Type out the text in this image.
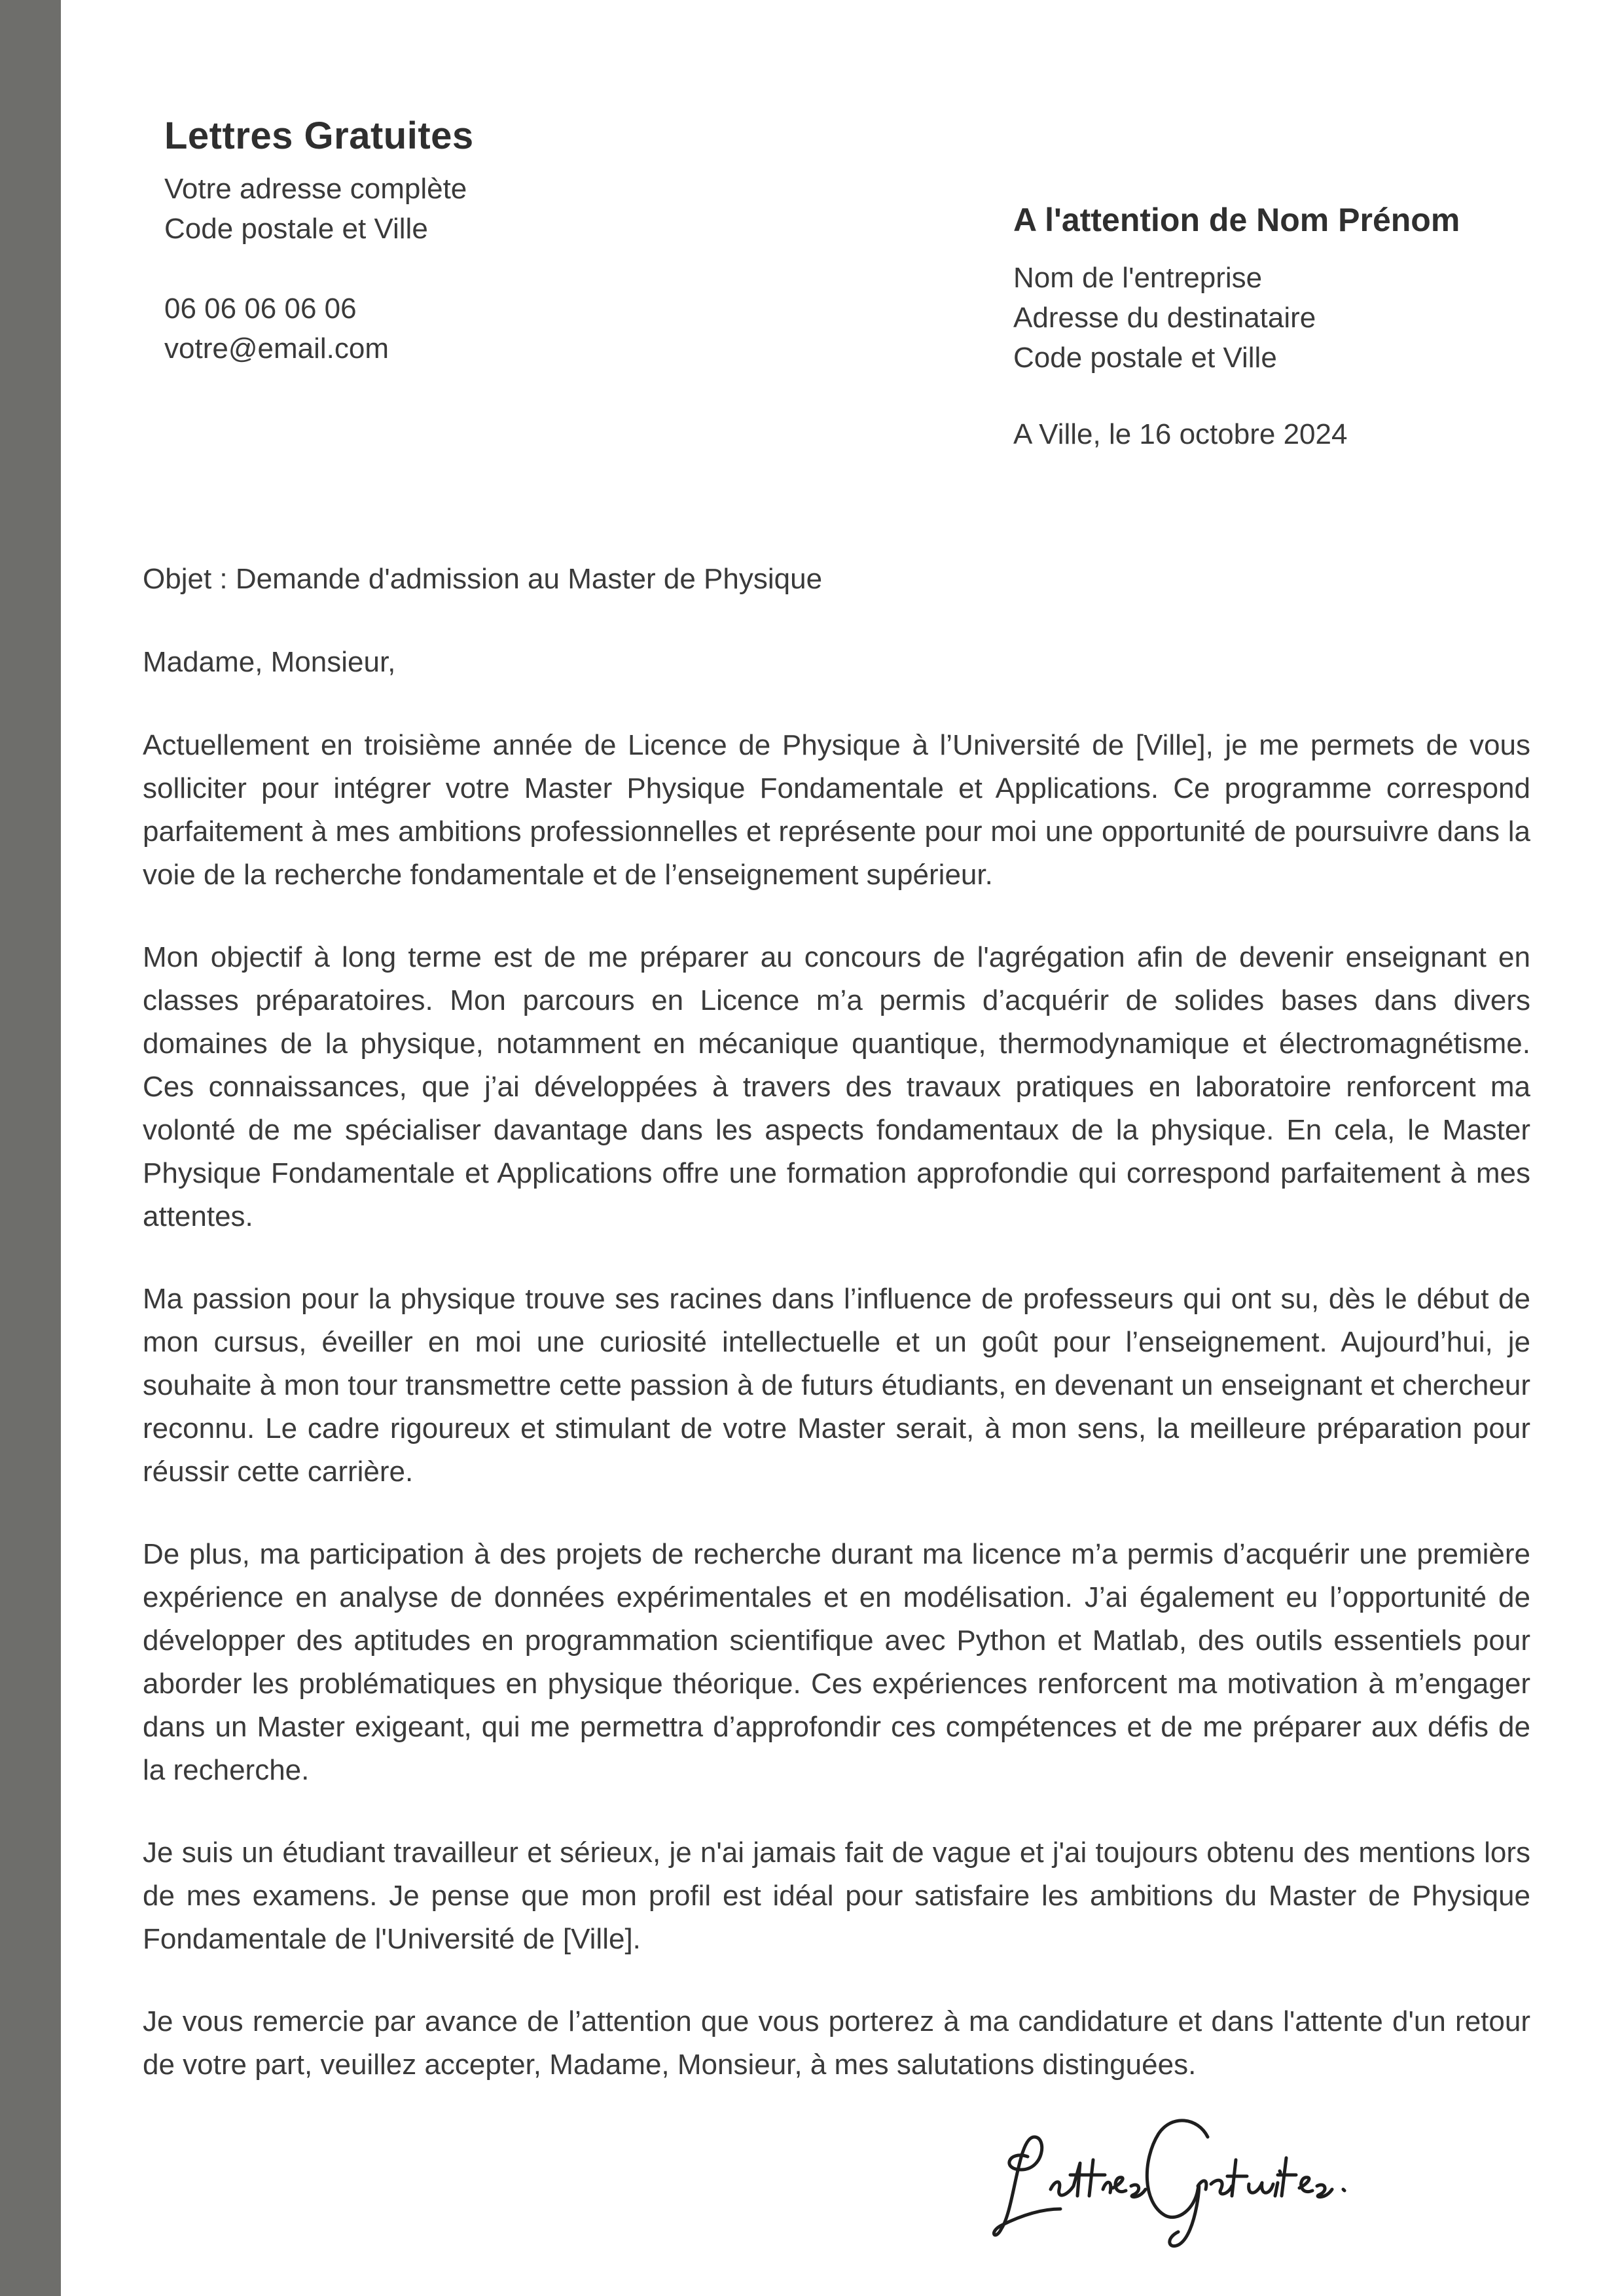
Lettres Gratuites
Votre adresse complète
Code postale et Ville
06 06 06 06 06
votre@email.com
A l'attention de Nom Prénom
Nom de l'entreprise
Adresse du destinataire
Code postale et Ville
A Ville, le 16 octobre 2024

Objet : Demande d'admission au Master de Physique

Madame, Monsieur,

Actuellement en troisième année de Licence de Physique à l’Université de [Ville], je me permets de vous solliciter pour intégrer votre Master Physique Fondamentale et Applications. Ce programme correspond parfaitement à mes ambitions professionnelles et représente pour moi une opportunité de poursuivre dans la voie de la recherche fondamentale et de l’enseignement supérieur.

Mon objectif à long terme est de me préparer au concours de l'agrégation afin de devenir enseignant en classes préparatoires. Mon parcours en Licence m’a permis d’acquérir de solides bases dans divers domaines de la physique, notamment en mécanique quantique, thermodynamique et électromagnétisme. Ces connaissances, que j’ai développées à travers des travaux pratiques en laboratoire renforcent ma volonté de me spécialiser davantage dans les aspects fondamentaux de la physique. En cela, le Master Physique Fondamentale et Applications offre une formation approfondie qui correspond parfaitement à mes attentes.

Ma passion pour la physique trouve ses racines dans l’influence de professeurs qui ont su, dès le début de mon cursus, éveiller en moi une curiosité intellectuelle et un goût pour l’enseignement. Aujourd’hui, je souhaite à mon tour transmettre cette passion à de futurs étudiants, en devenant un enseignant et chercheur reconnu. Le cadre rigoureux et stimulant de votre Master serait, à mon sens, la meilleure préparation pour réussir cette carrière.

De plus, ma participation à des projets de recherche durant ma licence m’a permis d’acquérir une première expérience en analyse de données expérimentales et en modélisation. J’ai également eu l’opportunité de développer des aptitudes en programmation scientifique avec Python et Matlab, des outils essentiels pour aborder les problématiques en physique théorique. Ces expériences renforcent ma motivation à m’engager dans un Master exigeant, qui me permettra d’approfondir ces compétences et de me préparer aux défis de la recherche.

Je suis un étudiant travailleur et sérieux, je n'ai jamais fait de vague et j'ai toujours obtenu des mentions lors de mes examens. Je pense que mon profil est idéal pour satisfaire les ambitions du Master de Physique Fondamentale de l'Université de [Ville].

Je vous remercie par avance de l’attention que vous porterez à ma candidature et dans l'attente d'un retour de votre part, veuillez accepter, Madame, Monsieur, à mes salutations distinguées.
